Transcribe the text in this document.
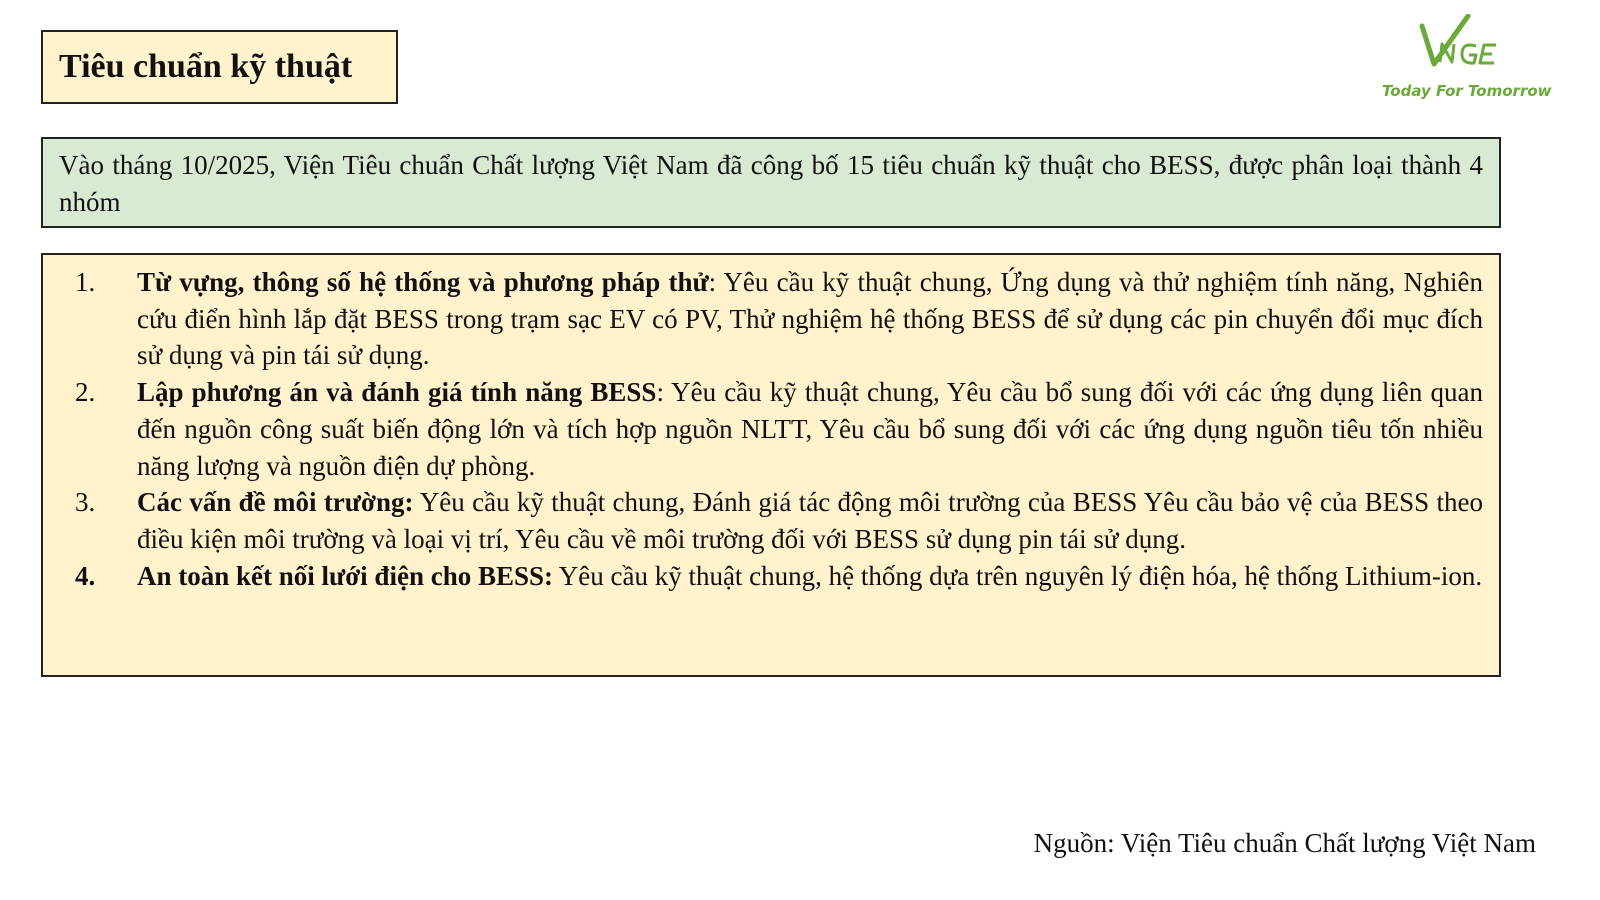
Tiêu chuẩn kỹ thuật
Today For Tomorrow
Vào tháng 10/2025, Viện Tiêu chuẩn Chất lượng Việt Nam đã công bố 15 tiêu chuẩn kỹ thuật cho BESS, được phân loại thành 4 nhóm
1. Từ vựng, thông số hệ thống và phương pháp thử: Yêu cầu kỹ thuật chung, Ứng dụng và thử nghiệm tính năng, Nghiên cứu điển hình lắp đặt BESS trong trạm sạc EV có PV, Thử nghiệm hệ thống BESS để sử dụng các pin chuyển đổi mục đích sử dụng và pin tái sử dụng.
2. Lập phương án và đánh giá tính năng BESS: Yêu cầu kỹ thuật chung, Yêu cầu bổ sung đối với các ứng dụng liên quan đến nguồn công suất biến động lớn và tích hợp nguồn NLTT, Yêu cầu bổ sung đối với các ứng dụng nguồn tiêu tốn nhiều năng lượng và nguồn điện dự phòng.
3. Các vấn đề môi trường: Yêu cầu kỹ thuật chung, Đánh giá tác động môi trường của BESS Yêu cầu bảo vệ của BESS theo điều kiện môi trường và loại vị trí, Yêu cầu về môi trường đối với BESS sử dụng pin tái sử dụng.
4. An toàn kết nối lưới điện cho BESS: Yêu cầu kỹ thuật chung, hệ thống dựa trên nguyên lý điện hóa, hệ thống Lithium-ion.
Nguồn: Viện Tiêu chuẩn Chất lượng Việt Nam
